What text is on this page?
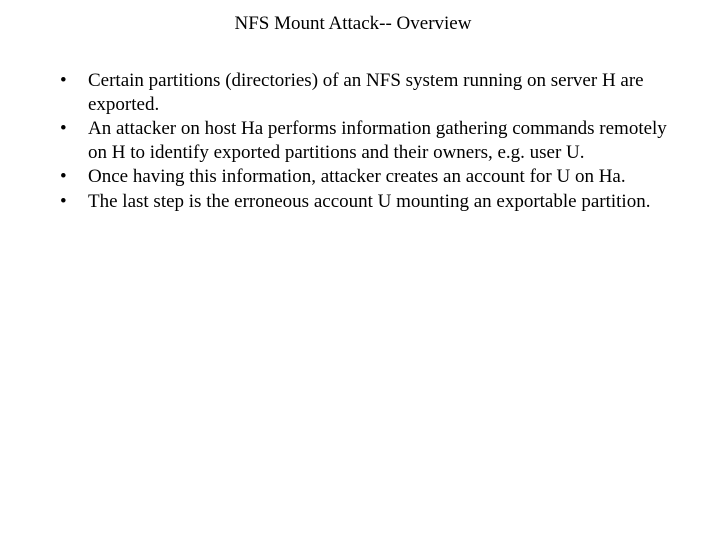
NFS Mount Attack-- Overview
•	Certain partitions (directories) of an NFS system running on server H are exported.
•	An attacker on host Ha performs information gathering commands remotely on H to identify exported partitions and their owners, e.g. user U.
•	Once having this information, attacker creates an account for U on Ha.
•	The last step is the erroneous account U mounting an exportable partition.
